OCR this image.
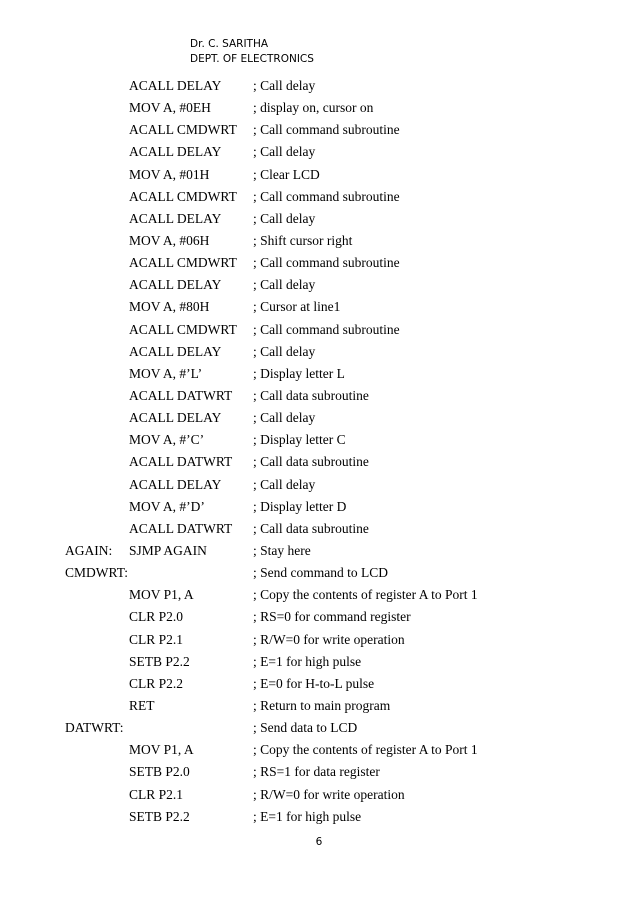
Dr. C. SARITHA
DEPT. OF ELECTRONICS
ACALL DELAY ; Call delay
MOV A, #0EH	; display on, cursor on
ACALL CMDWRT ; Call command subroutine
ACALL DELAY ; Call delay
MOV A, #01H	; Clear LCD
ACALL CMDWRT ; Call command subroutine
ACALL DELAY ; Call delay
MOV A, #06H	; Shift cursor right
ACALL CMDWRT ; Call command subroutine
ACALL DELAY ; Call delay
MOV A, #80H	; Cursor at line1
ACALL CMDWRT ; Call command subroutine
ACALL DELAY ; Call delay
MOV A, #’L’	; Display letter L
ACALL DATWRT ; Call data subroutine
ACALL DELAY ; Call delay
MOV A, #’C’	; Display letter C
ACALL DATWRT ; Call data subroutine
ACALL DELAY ; Call delay
MOV A, #’D’	; Display letter D
ACALL DATWRT ; Call data subroutine
AGAIN: SJMP AGAIN	; Stay here
CMDWRT:	; Send command to LCD
MOV P1, A	; Copy the contents of register A to Port 1
CLR P2.0	; RS=0 for command register
CLR P2.1	; R/W=0 for write operation
SETB P2.2	; E=1 for high pulse
CLR P2.2	; E=0 for H-to-L pulse
RET	; Return to main program
DATWRT:	; Send data to LCD
MOV P1, A	; Copy the contents of register A to Port 1
SETB P2.0	; RS=1 for data register
CLR P2.1	; R/W=0 for write operation
SETB P2.2	; E=1 for high pulse
6
